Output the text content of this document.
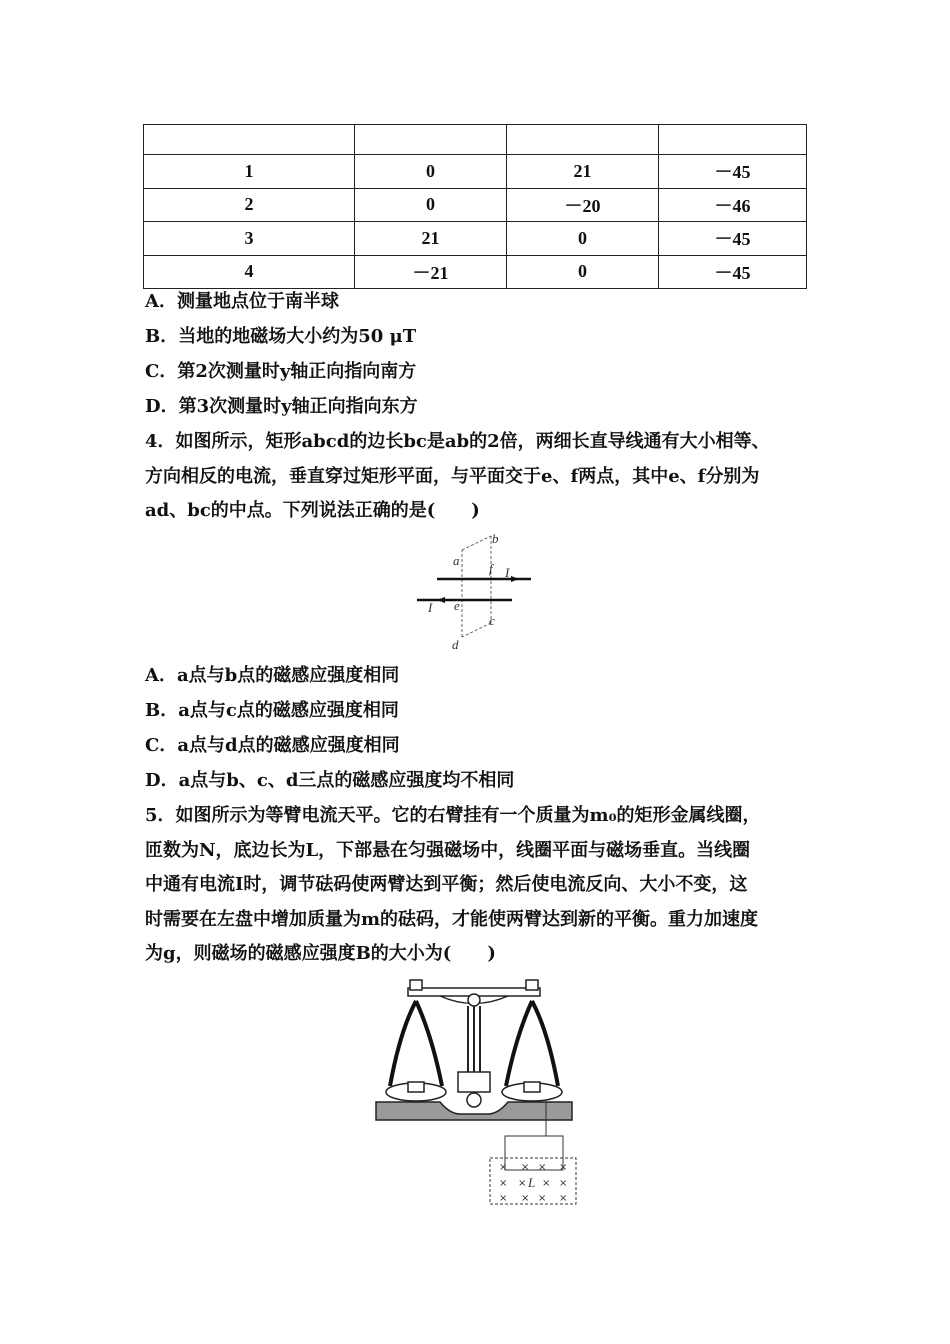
1	0	21	－45
2	0	－20	－46
3	21	0	－45
4	－21	0	－45
A．测量地点位于南半球
B．当地的地磁场大小约为50 μT
C．第2次测量时y轴正向指向南方
D．第3次测量时y轴正向指向东方
4．如图所示，矩形abcd的边长bc是ab的2倍，两细长直导线通有大小相等、
方向相反的电流，垂直穿过矩形平面，与平面交于e、f两点，其中e、f分别为
ad、bc的中点。下列说法正确的是(　　)
a
b
c
d
e
f I
I
A．a点与b点的磁感应强度相同
B．a点与c点的磁感应强度相同
C．a点与d点的磁感应强度相同
D．a点与b、c、d三点的磁感应强度均不相同
5．如图所示为等臂电流天平。它的右臂挂有一个质量为m₀的矩形金属线圈，
匝数为N，底边长为L，下部悬在匀强磁场中，线圈平面与磁场垂直。当线圈
中通有电流I时，调节砝码使两臂达到平衡；然后使电流反向、大小不变，这
时需要在左盘中增加质量为m的砝码，才能使两臂达到新的平衡。重力加速度
为g，则磁场的磁感应强度B的大小为(　　)
× × × ×
× × × ×
× × × ×
L
